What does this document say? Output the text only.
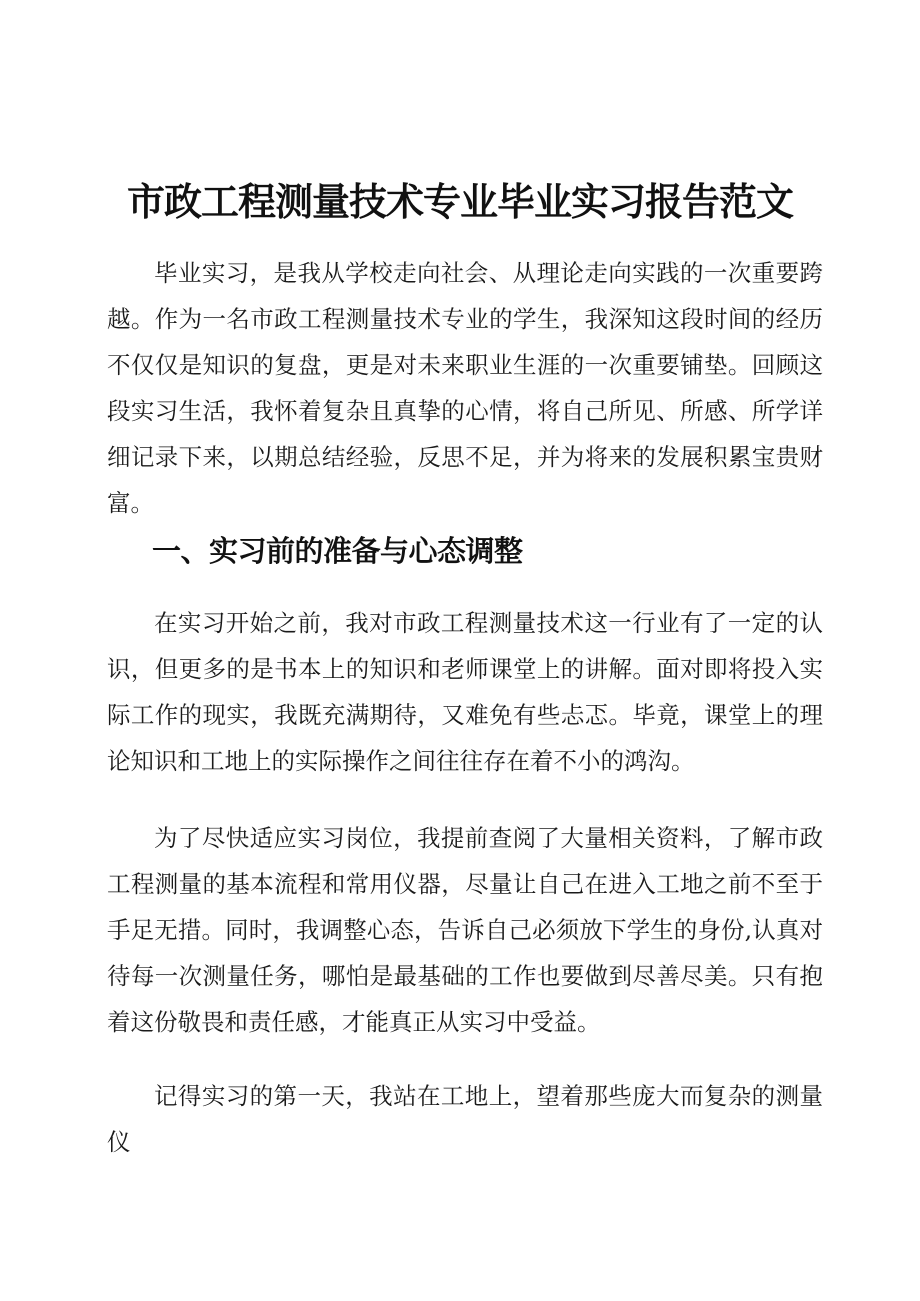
市政工程测量技术专业毕业实习报告范文

毕业实习，是我从学校走向社会、从理论走向实践的一次重要跨越。作为一名市政工程测量技术专业的学生，我深知这段时间的经历不仅仅是知识的复盘，更是对未来职业生涯的一次重要铺垫。回顾这段实习生活，我怀着复杂且真挚的心情，将自己所见、所感、所学详细记录下来，以期总结经验，反思不足，并为将来的发展积累宝贵财富。

一、实习前的准备与心态调整

在实习开始之前，我对市政工程测量技术这一行业有了一定的认识，但更多的是书本上的知识和老师课堂上的讲解。面对即将投入实际工作的现实，我既充满期待，又难免有些忐忑。毕竟，课堂上的理论知识和工地上的实际操作之间往往存在着不小的鸿沟。

为了尽快适应实习岗位，我提前查阅了大量相关资料，了解市政工程测量的基本流程和常用仪器，尽量让自己在进入工地之前不至于手足无措。同时，我调整心态，告诉自己必须放下学生的身份,认真对待每一次测量任务，哪怕是最基础的工作也要做到尽善尽美。只有抱着这份敬畏和责任感，才能真正从实习中受益。

记得实习的第一天，我站在工地上，望着那些庞大而复杂的测量仪
